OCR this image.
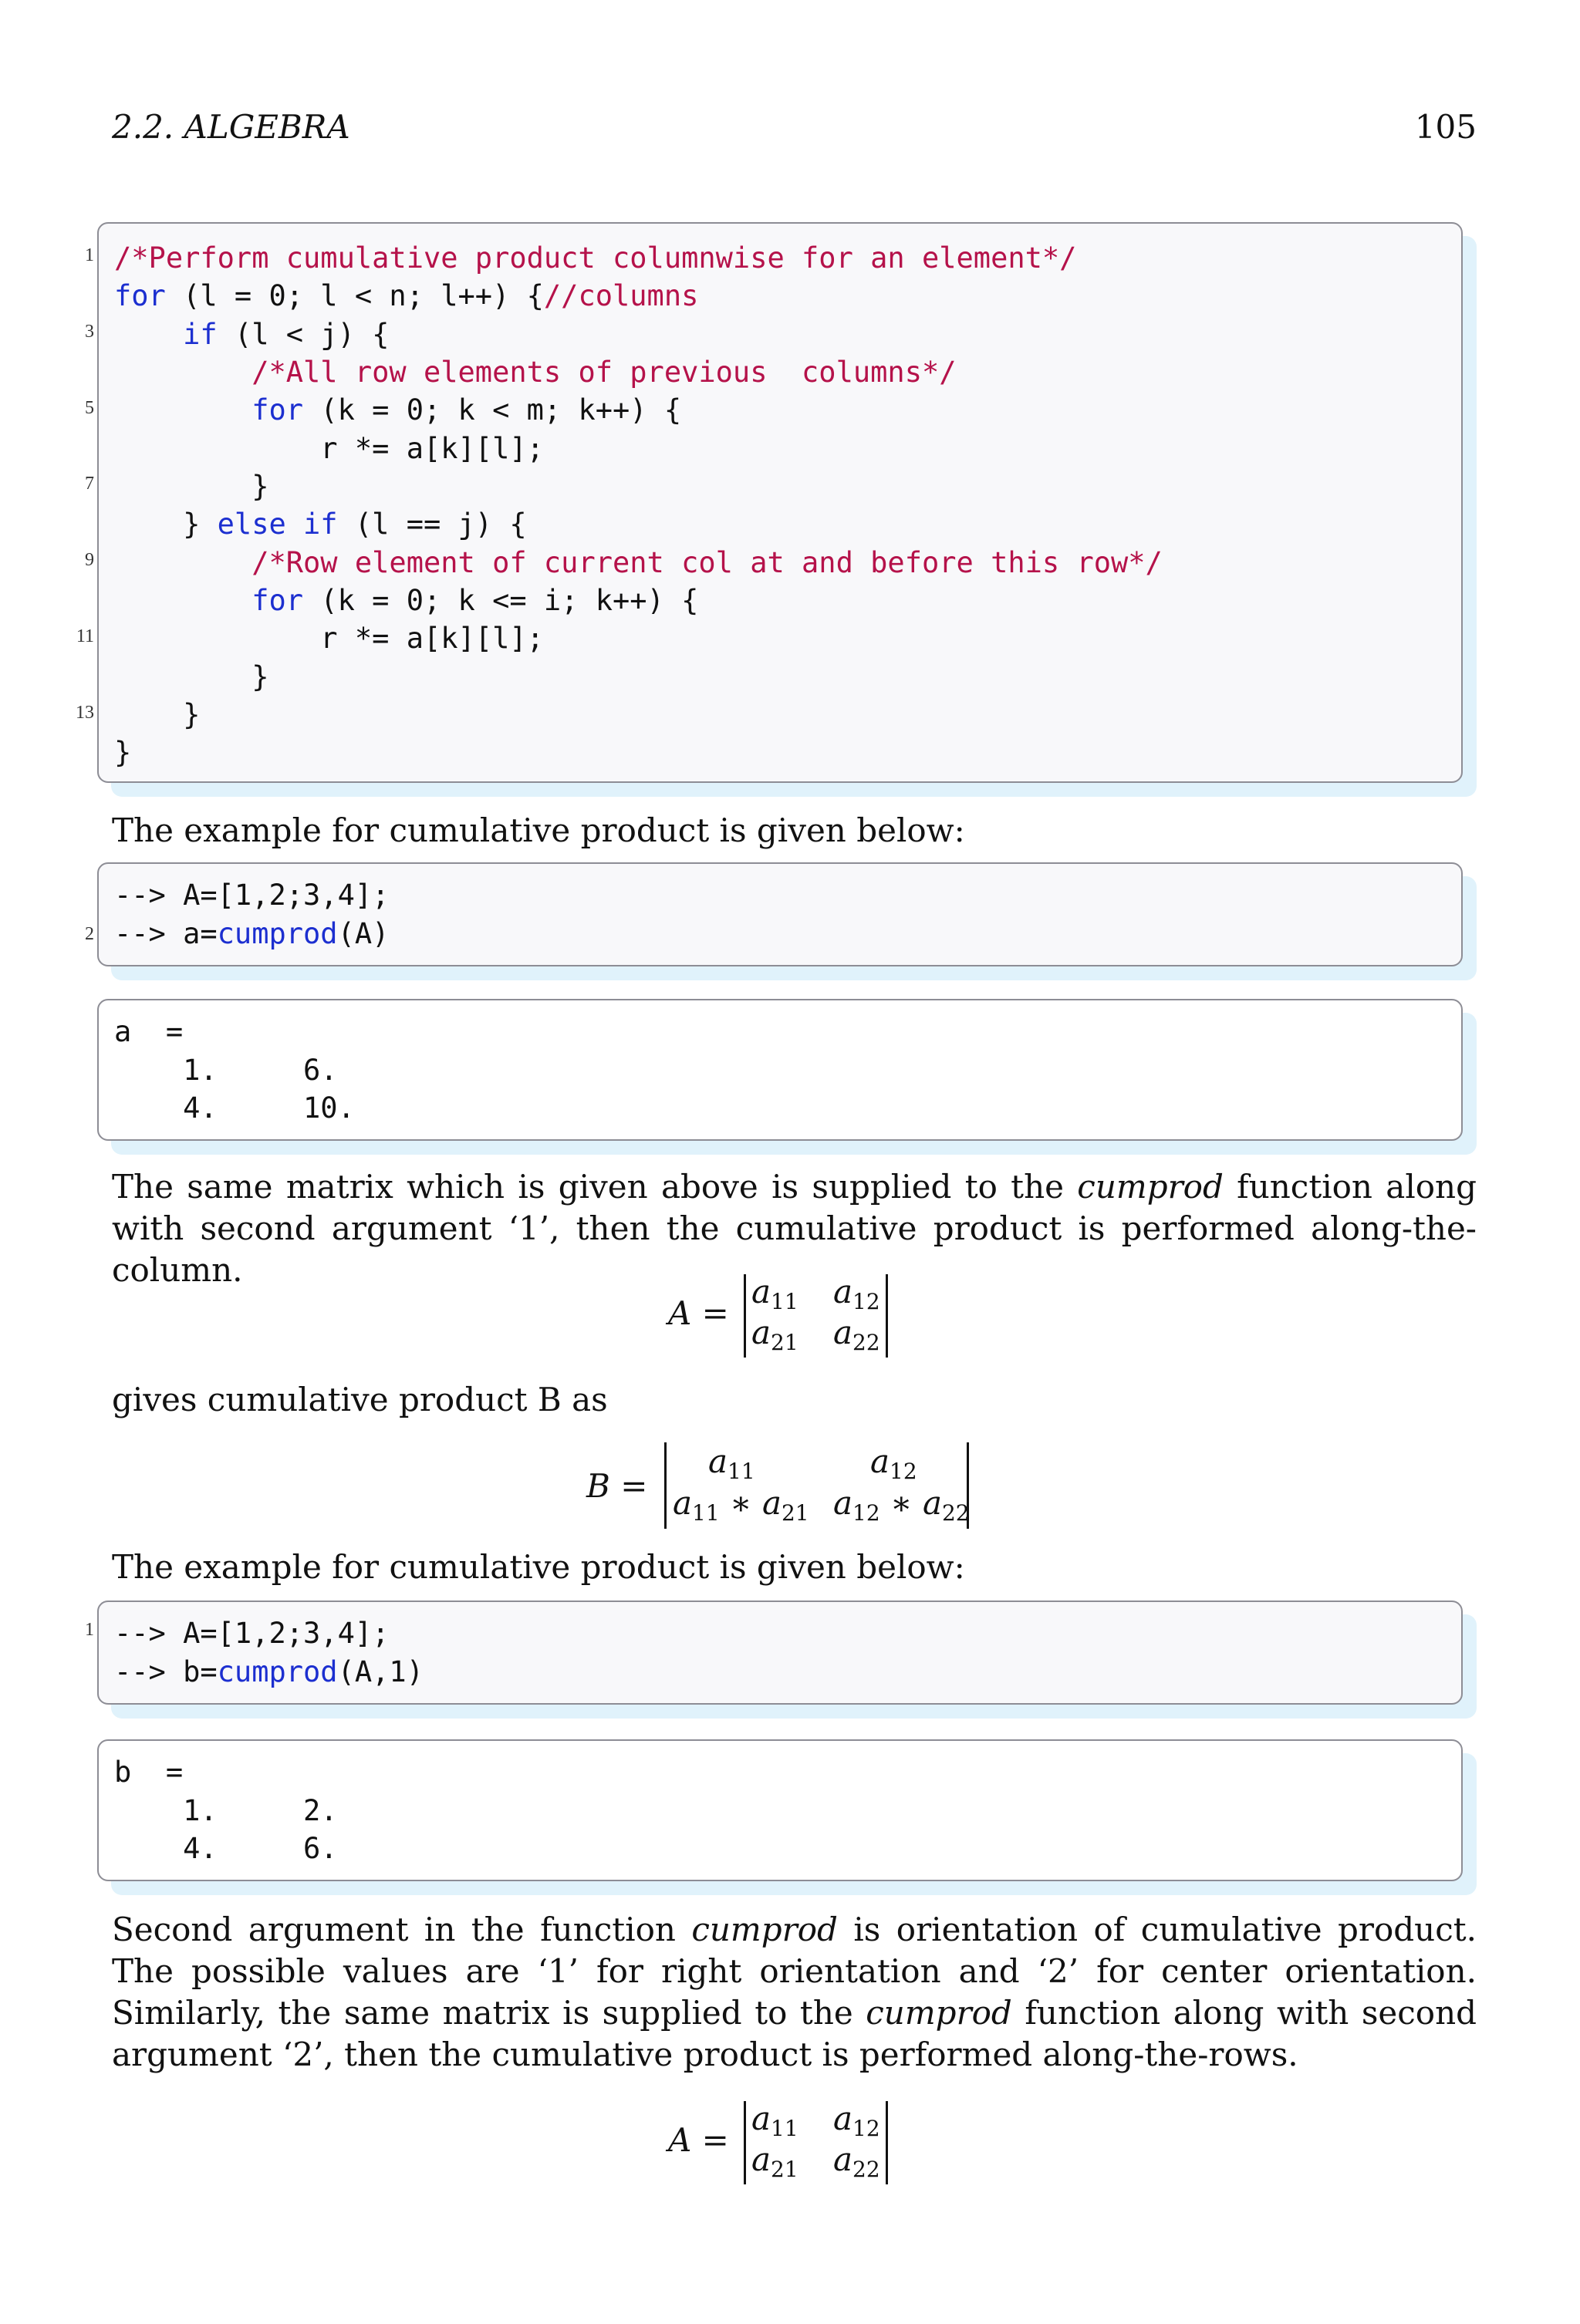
2.2. ALGEBRA	105
1
3
5
7
9
11
13
/*Perform cumulative product columnwise for an element*/
for (l = 0; l < n; l++) {//columns
if (l < j) {
/*All row elements of previous  columns*/
for (k = 0; k < m; k++) {
r *= a[k][l];
}
} else if (l == j) {
/*Row element of current col at and before this row*/
for (k = 0; k <= i; k++) {
r *= a[k][l];
}
}
}
The example for cumulative product is given below:
2
--> A=[1,2;3,4];
--> a=cumprod(A)
a  =
1.     6.
4.     10.
The same matrix which is given above is supplied to the cumprod function along with second argument ‘1’, then the cumulative product is performed along-the-column.
A =
$a_{11}$ $a_{12}$
$a_{21}$ $a_{22}$
gives cumulative product B as
B =
$a_{11}$	$a_{12}$
$a_{11}$ ∗ $a_{21}$ $a_{12}$ ∗ $a_{22}$
The example for cumulative product is given below:
1 --> A=[1,2;3,4];
--> b=cumprod(A,1)
b  =
1.     2.
4.     6.
Second argument in the function cumprod is orientation of cumulative product. The possible values are ‘1’ for right orientation and ‘2’ for center orientation. Similarly, the same matrix is supplied to the cumprod function along with second argument ‘2’, then the cumulative product is performed along-the-rows.
A =
$a_{11}$ $a_{12}$
$a_{21}$ $a_{22}$
